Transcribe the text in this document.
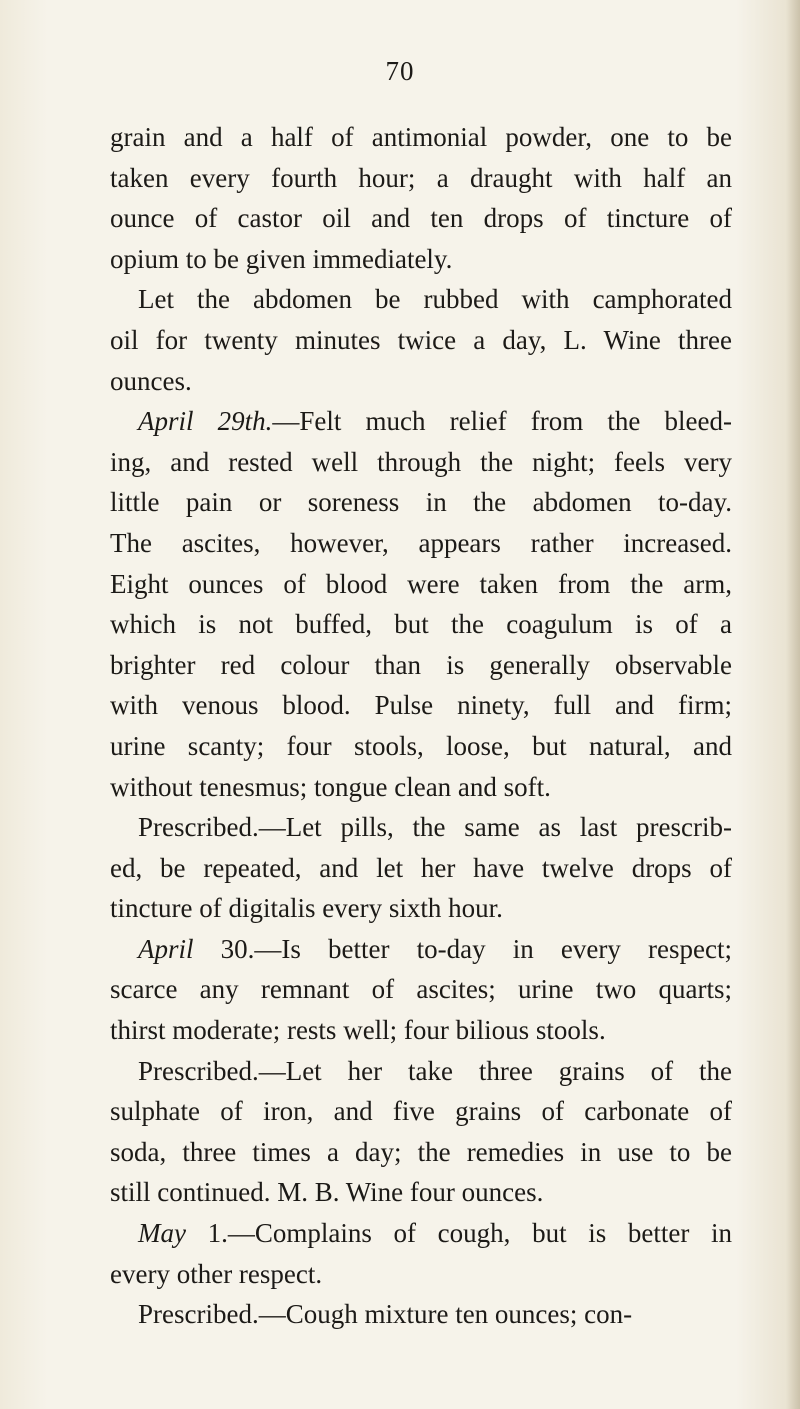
70
grain and a half of antimonial powder, one to be
taken every fourth hour; a draught with half an
ounce of castor oil and ten drops of tincture of
opium to be given immediately.
Let the abdomen be rubbed with camphorated
oil for twenty minutes twice a day, L. Wine three
ounces.
April 29th.—Felt much relief from the bleed-
ing, and rested well through the night; feels very
little pain or soreness in the abdomen to-day.
The ascites, however, appears rather increased.
Eight ounces of blood were taken from the arm,
which is not buffed, but the coagulum is of a
brighter red colour than is generally observable
with venous blood. Pulse ninety, full and firm;
urine scanty; four stools, loose, but natural, and
without tenesmus; tongue clean and soft.
Prescribed.—Let pills, the same as last prescrib-
ed, be repeated, and let her have twelve drops of
tincture of digitalis every sixth hour.
April 30.—Is better to-day in every respect;
scarce any remnant of ascites; urine two quarts;
thirst moderate; rests well; four bilious stools.
Prescribed.—Let her take three grains of the
sulphate of iron, and five grains of carbonate of
soda, three times a day; the remedies in use to be
still continued. M. B. Wine four ounces.
May 1.—Complains of cough, but is better in
every other respect.
Prescribed.—Cough mixture ten ounces; con-
